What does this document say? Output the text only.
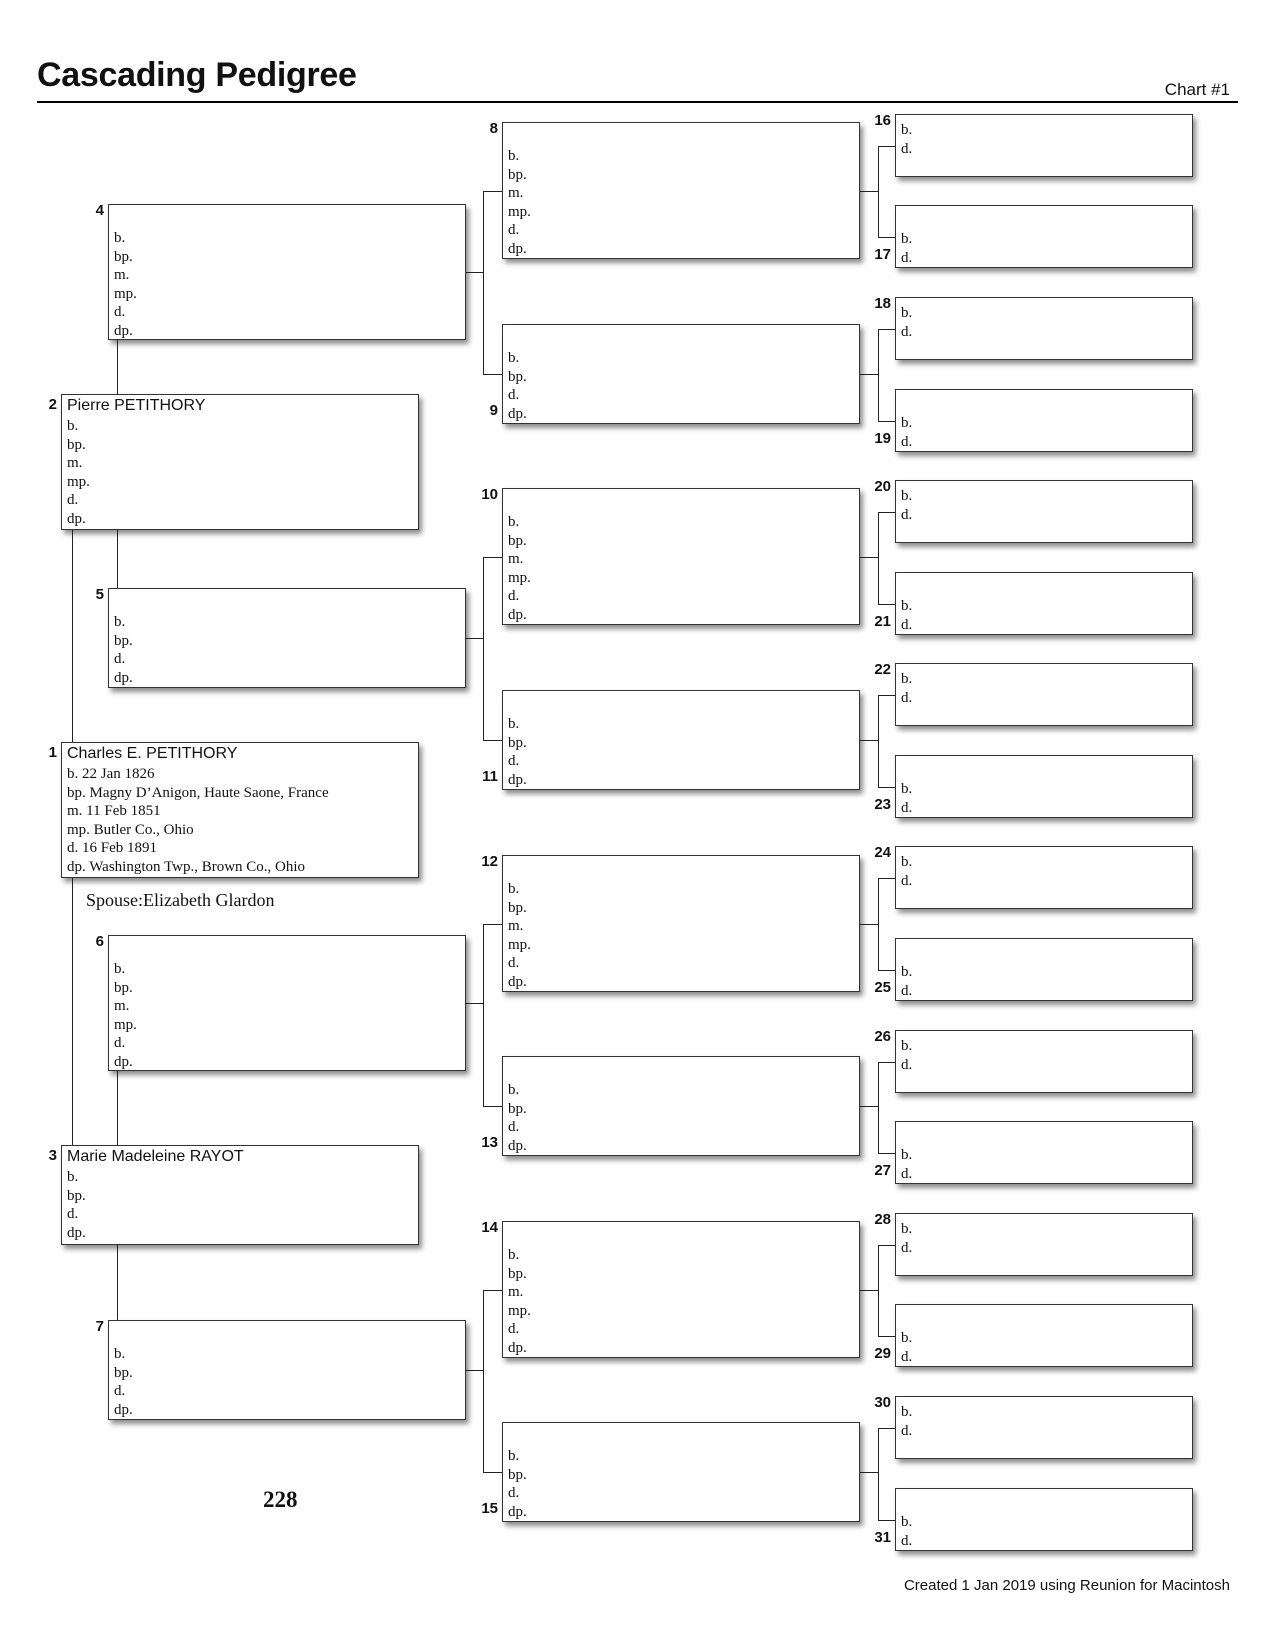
Cascading Pedigree	Chart #1
Charles E. PETITHORY
b. 22 Jan 1826
bp. Magny D’Anigon, Haute Saone, France
m. 11 Feb 1851
mp. Butler Co., Ohio
d. 16 Feb 1891
dp. Washington Twp., Brown Co., Ohio
1
Pierre PETITHORY
b.
bp.
m.
mp.
d.
dp.
2
Marie Madeleine RAYOT
b.
bp.
d.
dp.
3
b.
bp.
m.
mp.
d.
dp.
4
b.
bp.
d.
dp.
5
b.
bp.
m.
mp.
d.
dp.
6
b.
bp.
d.
dp.
7
b.
bp.
m.
mp.
d.
dp.
8
b.
bp.
d.
dp.
9
b.
bp.
m.
mp.
d.
dp.
10
b.
bp.
d.
dp.
11
b.
bp.
m.
mp.
d.
dp.
12
b.
bp.
d.
dp.
13
b.
bp.
m.
mp.
d.
dp.
14
b.
bp.
d.
dp.
15
b.
d.
16
b.
d.
17
b.
d.
18
b.
d.
19
b.
d.
20
b.
d.
21
b.
d.
22
b.
d.
23
b.
d.
24
b.
d.
25
b.
d.
26
b.
d.
27
b.
d.
28
b.
d.
29
b.
d.
30
b.
d.
31
Spouse:Elizabeth Glardon
228
Created 1 Jan 2019 using Reunion for Macintosh
